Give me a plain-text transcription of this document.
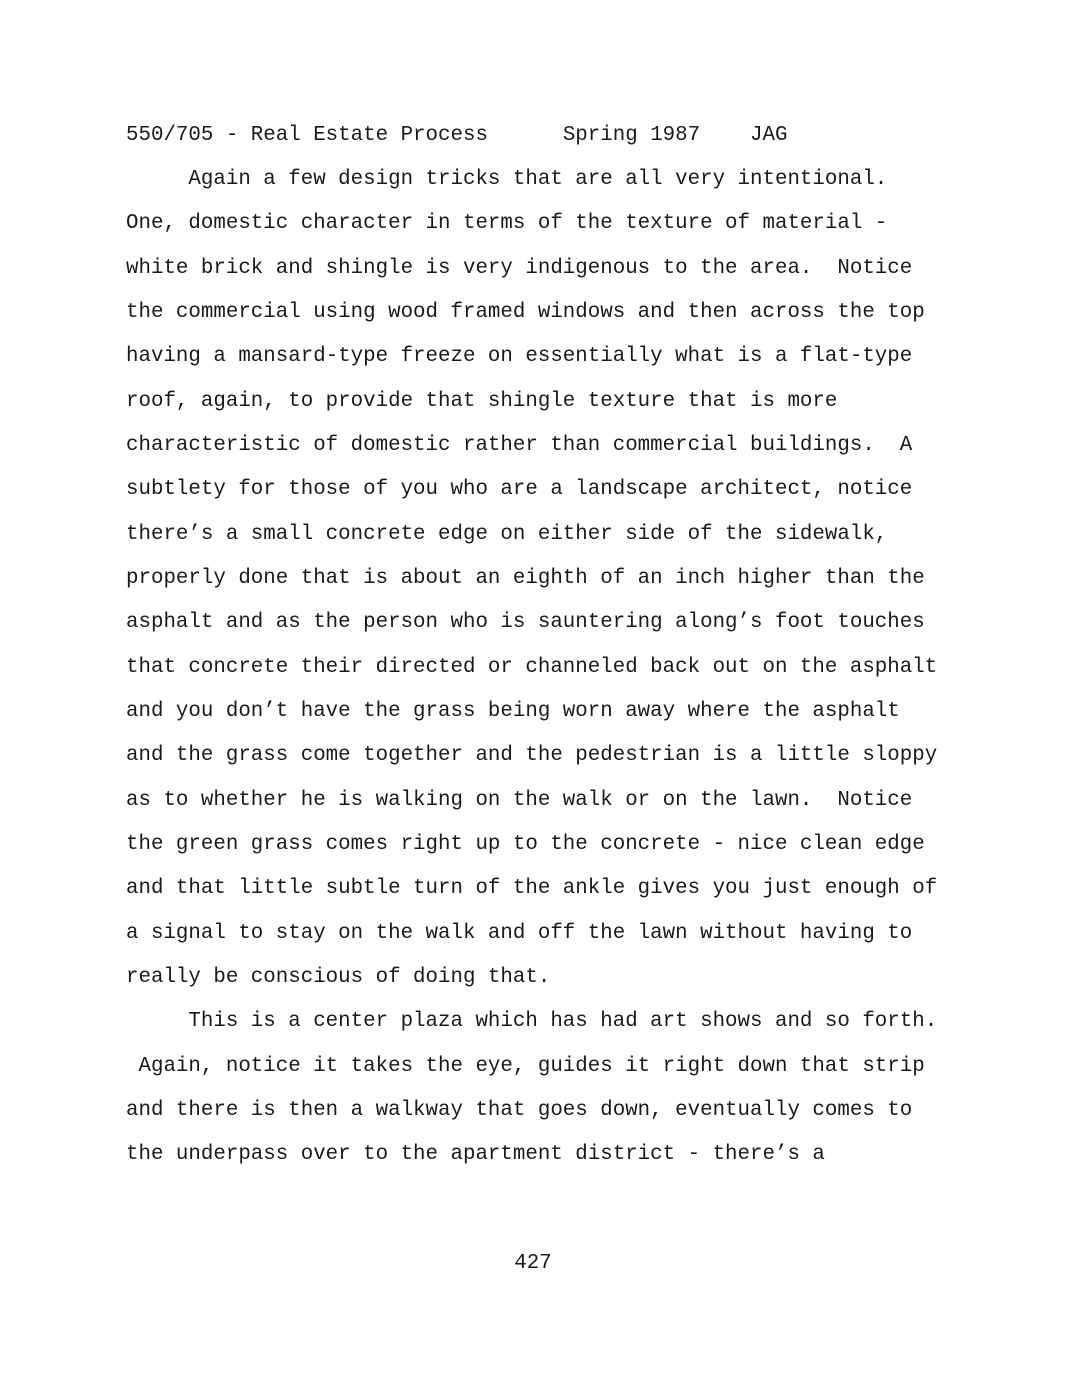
550/705 - Real Estate Process	Spring 1987 JAG
Again a few design tricks that are all very intentional.
One, domestic character in terms of the texture of material -
white brick and shingle is very indigenous to the area.  Notice
the commercial using wood framed windows and then across the top
having a mansard-type freeze on essentially what is a flat-type
roof, again, to provide that shingle texture that is more
characteristic of domestic rather than commercial buildings.  A
subtlety for those of you who are a landscape architect, notice
there’s a small concrete edge on either side of the sidewalk,
properly done that is about an eighth of an inch higher than the
asphalt and as the person who is sauntering along’s foot touches
that concrete their directed or channeled back out on the asphalt
and you don’t have the grass being worn away where the asphalt
and the grass come together and the pedestrian is a little sloppy
as to whether he is walking on the walk or on the lawn.  Notice
the green grass comes right up to the concrete - nice clean edge
and that little subtle turn of the ankle gives you just enough of
a signal to stay on the walk and off the lawn without having to
really be conscious of doing that.
This is a center plaza which has had art shows and so forth.
Again, notice it takes the eye, guides it right down that strip
and there is then a walkway that goes down, eventually comes to
the underpass over to the apartment district - there’s a
427
